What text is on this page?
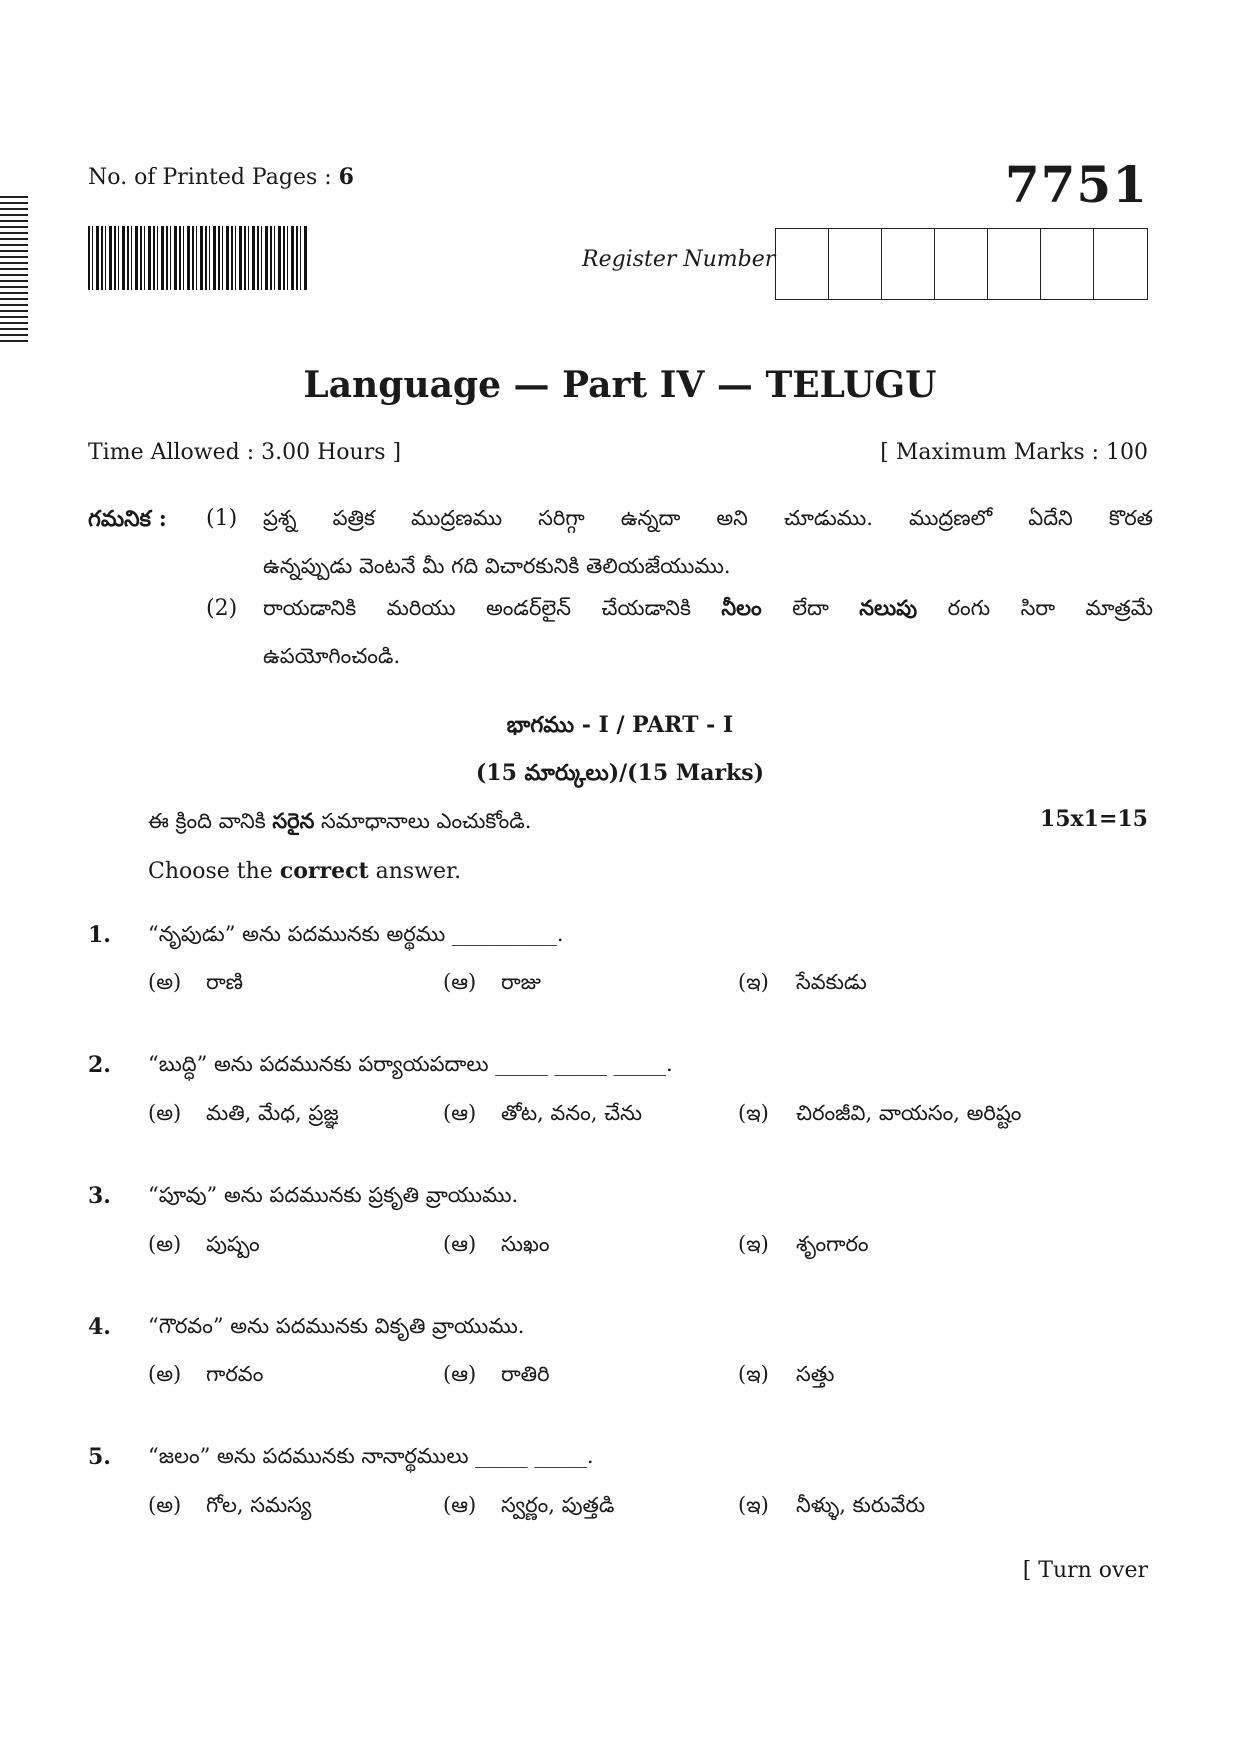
No. of Printed Pages : 6	7751
Register Number
Language — Part IV — TELUGU
Time Allowed : 3.00 Hours ]	[ Maximum Marks : 100
గమనిక : (1) ప్రశ్న పత్రిక ముద్రణము సరిగ్గా ఉన్నదా అని చూడుము. ముద్రణలో ఏదేని కొరత
ఉన్నప్పుడు వెంటనే మీ గది విచారకునికి తెలియజేయుము.
(2) రాయడానికి మరియు అండర్‌లైన్ చేయడానికి నీలం లేదా నలుపు రంగు సిరా మాత్రమే
ఉపయోగించండి.
భాగము - I / PART - I
(15 మార్కులు)/(15 Marks)
ఈ క్రింది వానికి సరైన సమాధానాలు ఎంచుకోండి.	15x1=15
Choose the correct answer.
1. “నృపుడు” అను పదమునకు అర్థము __________.
(అ) రాణి	(ఆ) రాజు	(ఇ) సేవకుడు
2. “బుద్ధి” అను పదమునకు పర్యాయపదాలు _____ _____ _____.
(అ) మతి, మేధ, ప్రజ్ఞ	(ఆ) తోట, వనం, చేను	(ఇ) చిరంజీవి, వాయసం, అరిష్టం
3. “పూవు” అను పదమునకు ప్రకృతి వ్రాయుము.
(అ) పుష్పం	(ఆ) సుఖం	(ఇ) శృంగారం
4. “గౌరవం” అను పదమునకు వికృతి వ్రాయుము.
(అ) గారవం	(ఆ) రాతిరి	(ఇ) సత్తు
5. “జలం” అను పదమునకు నానార్థములు _____ _____.
(అ) గోల, సమస్య	(ఆ) స్వర్ణం, పుత్తడి	(ఇ) నీళ్ళు, కురువేరు
[ Turn over
